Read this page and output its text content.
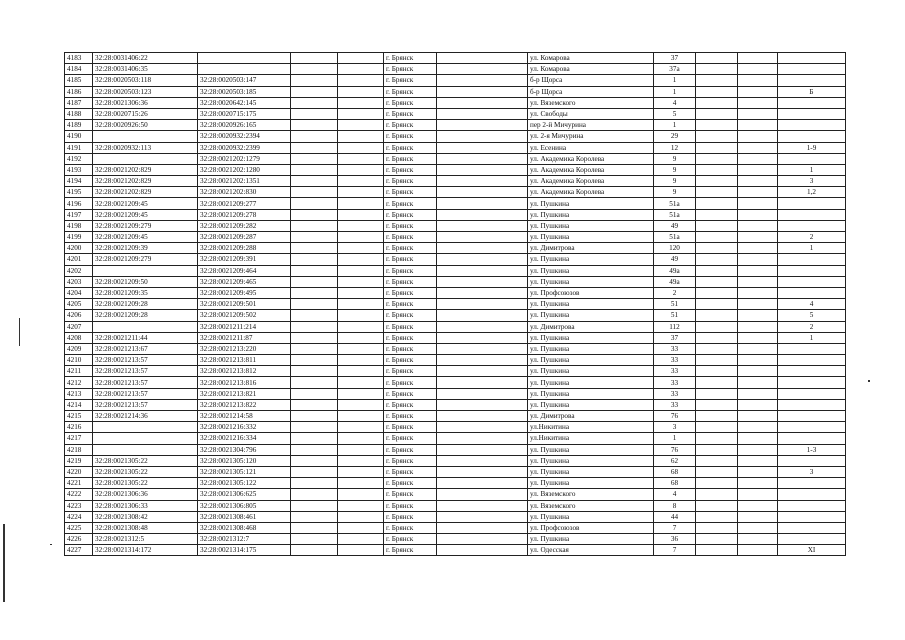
4183	32:28:0031406:22				г. Брянск		ул. Комарова	37			
4184	32:28:0031406:35				г. Брянск		ул. Комарова	37а			
4185	32:28:0020503:118	32:28:0020503:147			г. Брянск		б-р Щорса	1			
4186	32:28:0020503:123	32:28:0020503:185			г. Брянск		б-р Щорса	1			Б
4187	32:28:0021306:36	32:28:0020642:145			г. Брянск		ул. Вяземского	4			
4188	32:28:0020715:26	32:28:0020715:175			г. Брянск		ул. Свободы	5			
4189	32:28:0020926:50	32:28:0020926:165			г. Брянск		пер 2-й Мичурина	1			
4190		32:28:0020932:2394			г. Брянск		ул. 2-я Мичурина	29			
4191	32:28:0020932:113	32:28:0020932:2399			г. Брянск		ул. Есенина	12			1-9
4192		32:28:0021202:1279			г. Брянск		ул. Академика Королева	9			
4193	32:28:0021202:829	32:28:0021202:1280			г. Брянск		ул. Академика Королева	9			1
4194	32:28:0021202:829	32:28:0021202:1351			г. Брянск		ул. Академика Королева	9			3
4195	32:28:0021202:829	32:28:0021202:830			г. Брянск		ул. Академика Королева	9			1,2
4196	32:28:0021209:45	32:28:0021209:277			г. Брянск		ул. Пушкина	51а			
4197	32:28:0021209:45	32:28:0021209:278			г. Брянск		ул. Пушкина	51а			
4198	32:28:0021209:279	32:28:0021209:282			г. Брянск		ул. Пушкина	49			
4199	32:28:0021209:45	32:28:0021209:287			г. Брянск		ул. Пушкина	51а			2
4200	32:28:0021209:39	32:28:0021209:288			г. Брянск		ул. Димитрова	120			1
4201	32:28:0021209:279	32:28:0021209:391			г. Брянск		ул. Пушкина	49			
4202		32:28:0021209:464			г. Брянск		ул. Пушкина	49а			
4203	32:28:0021209:50	32:28:0021209:465			г. Брянск		ул. Пушкина	49а			
4204	32:28:0021209:35	32:28:0021209:495			г. Брянск		ул. Профсоюзов	2			
4205	32:28:0021209:28	32:28:0021209:501			г. Брянск		ул. Пушкина	51			4
4206	32:28:0021209:28	32:28:0021209:502			г. Брянск		ул. Пушкина	51			5
4207		32:28:0021211:214			г. Брянск		ул. Димитрова	112			2
4208	32:28:0021211:44	32:28:0021211:87			г. Брянск		ул. Пушкина	37			1
4209	32:28:0021213:67	32:28:0021213:220			г. Брянск		ул. Пушкина	33			
4210	32:28:0021213:57	32:28:0021213:811			г. Брянск		ул. Пушкина	33			
4211	32:28:0021213:57	32:28:0021213:812			г. Брянск		ул. Пушкина	33			
4212	32:28:0021213:57	32:28:0021213:816			г. Брянск		ул. Пушкина	33			
4213	32:28:0021213:57	32:28:0021213:821			г. Брянск		ул. Пушкина	33			
4214	32:28:0021213:57	32:28:0021213:822			г. Брянск		ул. Пушкина	33			
4215	32:28:0021214:36	32:28:0021214:58			г. Брянск		ул. Димитрова	76			
4216		32:28:0021216:332			г. Брянск		ул.Никитина	3			
4217		32:28:0021216:334			г. Брянск		ул.Никитина	1			
4218		32:28:0021304:796			г. Брянск		ул. Пушкина	76			1-3
4219	32:28:0021305:22	32:28:0021305:120			г. Брянск		ул. Пушкина	62			
4220	32:28:0021305:22	32:28:0021305:121			г. Брянск		ул. Пушкина	68			3
4221	32:28:0021305:22	32:28:0021305:122			г. Брянск		ул. Пушкина	68			
4222	32:28:0021306:36	32:28:0021306:625			г. Брянск		ул. Вяземского	4			
4223	32:28:0021306:33	32:28:0021306:805			г. Брянск		ул. Вяземского	8			
4224	32:28:0021308:42	32:28:0021308:461			г. Брянск		ул. Пушкина	44			
4225	32:28:0021308:48	32:28:0021308:468			г. Брянск		ул. Профсоюзов	7			
4226	32:28:0021312:5	32:28:0021312:7			г. Брянск		ул. Пушкина	36			
4227	32:28:0021314:172	32:28:0021314:175			г. Брянск		ул. Одесская	7			XI
